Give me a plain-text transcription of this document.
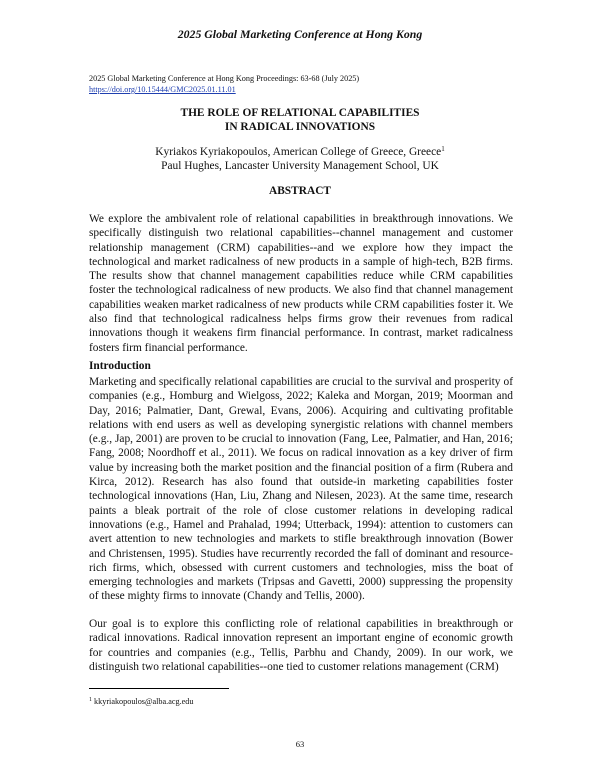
2025 Global Marketing Conference at Hong Kong
2025 Global Marketing Conference at Hong Kong Proceedings: 63-68 (July 2025)
https://doi.org/10.15444/GMC2025.01.11.01
THE ROLE OF RELATIONAL CAPABILITIES
IN RADICAL INNOVATIONS
Kyriakos Kyriakopoulos, American College of Greece, Greece$^1$
Paul Hughes, Lancaster University Management School, UK
ABSTRACT
We explore the ambivalent role of relational capabilities in breakthrough innovations. We specifically distinguish two relational capabilities--channel management and customer relationship management (CRM) capabilities--and we explore how they impact the technological and market radicalness of new products in a sample of high-tech, B2B firms. The results show that channel management capabilities reduce while CRM capabilities foster the technological radicalness of new products. We also find that channel management capabilities weaken market radicalness of new products while CRM capabilities foster it. We also find that technological radicalness helps firms grow their revenues from radical innovations though it weakens firm financial performance. In contrast, market radicalness fosters firm financial performance.
Introduction
Marketing and specifically relational capabilities are crucial to the survival and prosperity of companies (e.g., Homburg and Wielgoss, 2022; Kaleka and Morgan, 2019; Moorman and Day, 2016; Palmatier, Dant, Grewal, Evans, 2006). Acquiring and cultivating profitable relations with end users as well as developing synergistic relations with channel members (e.g., Jap, 2001) are proven to be crucial to innovation (Fang, Lee, Palmatier, and Han, 2016; Fang, 2008; Noordhoff et al., 2011). We focus on radical innovation as a key driver of firm value by increasing both the market position and the financial position of a firm (Rubera and Kirca, 2012). Research has also found that outside-in marketing capabilities foster technological innovations (Han, Liu, Zhang and Nilesen, 2023). At the same time, research paints a bleak portrait of the role of close customer relations in developing radical innovations (e.g., Hamel and Prahalad, 1994; Utterback, 1994): attention to customers can avert attention to new technologies and markets to stifle breakthrough innovation (Bower and Christensen, 1995). Studies have recurrently recorded the fall of dominant and resource-rich firms, which, obsessed with current customers and technologies, miss the boat of emerging technologies and markets (Tripsas and Gavetti, 2000) suppressing the propensity of these mighty firms to innovate (Chandy and Tellis, 2000).
Our goal is to explore this conflicting role of relational capabilities in breakthrough or radical innovations. Radical innovation represent an important engine of economic growth for countries and companies (e.g., Tellis, Parbhu and Chandy, 2009). In our work, we distinguish two relational capabilities--one tied to customer relations management (CRM)
$^1$ kkyriakopoulos@alba.acg.edu
63
